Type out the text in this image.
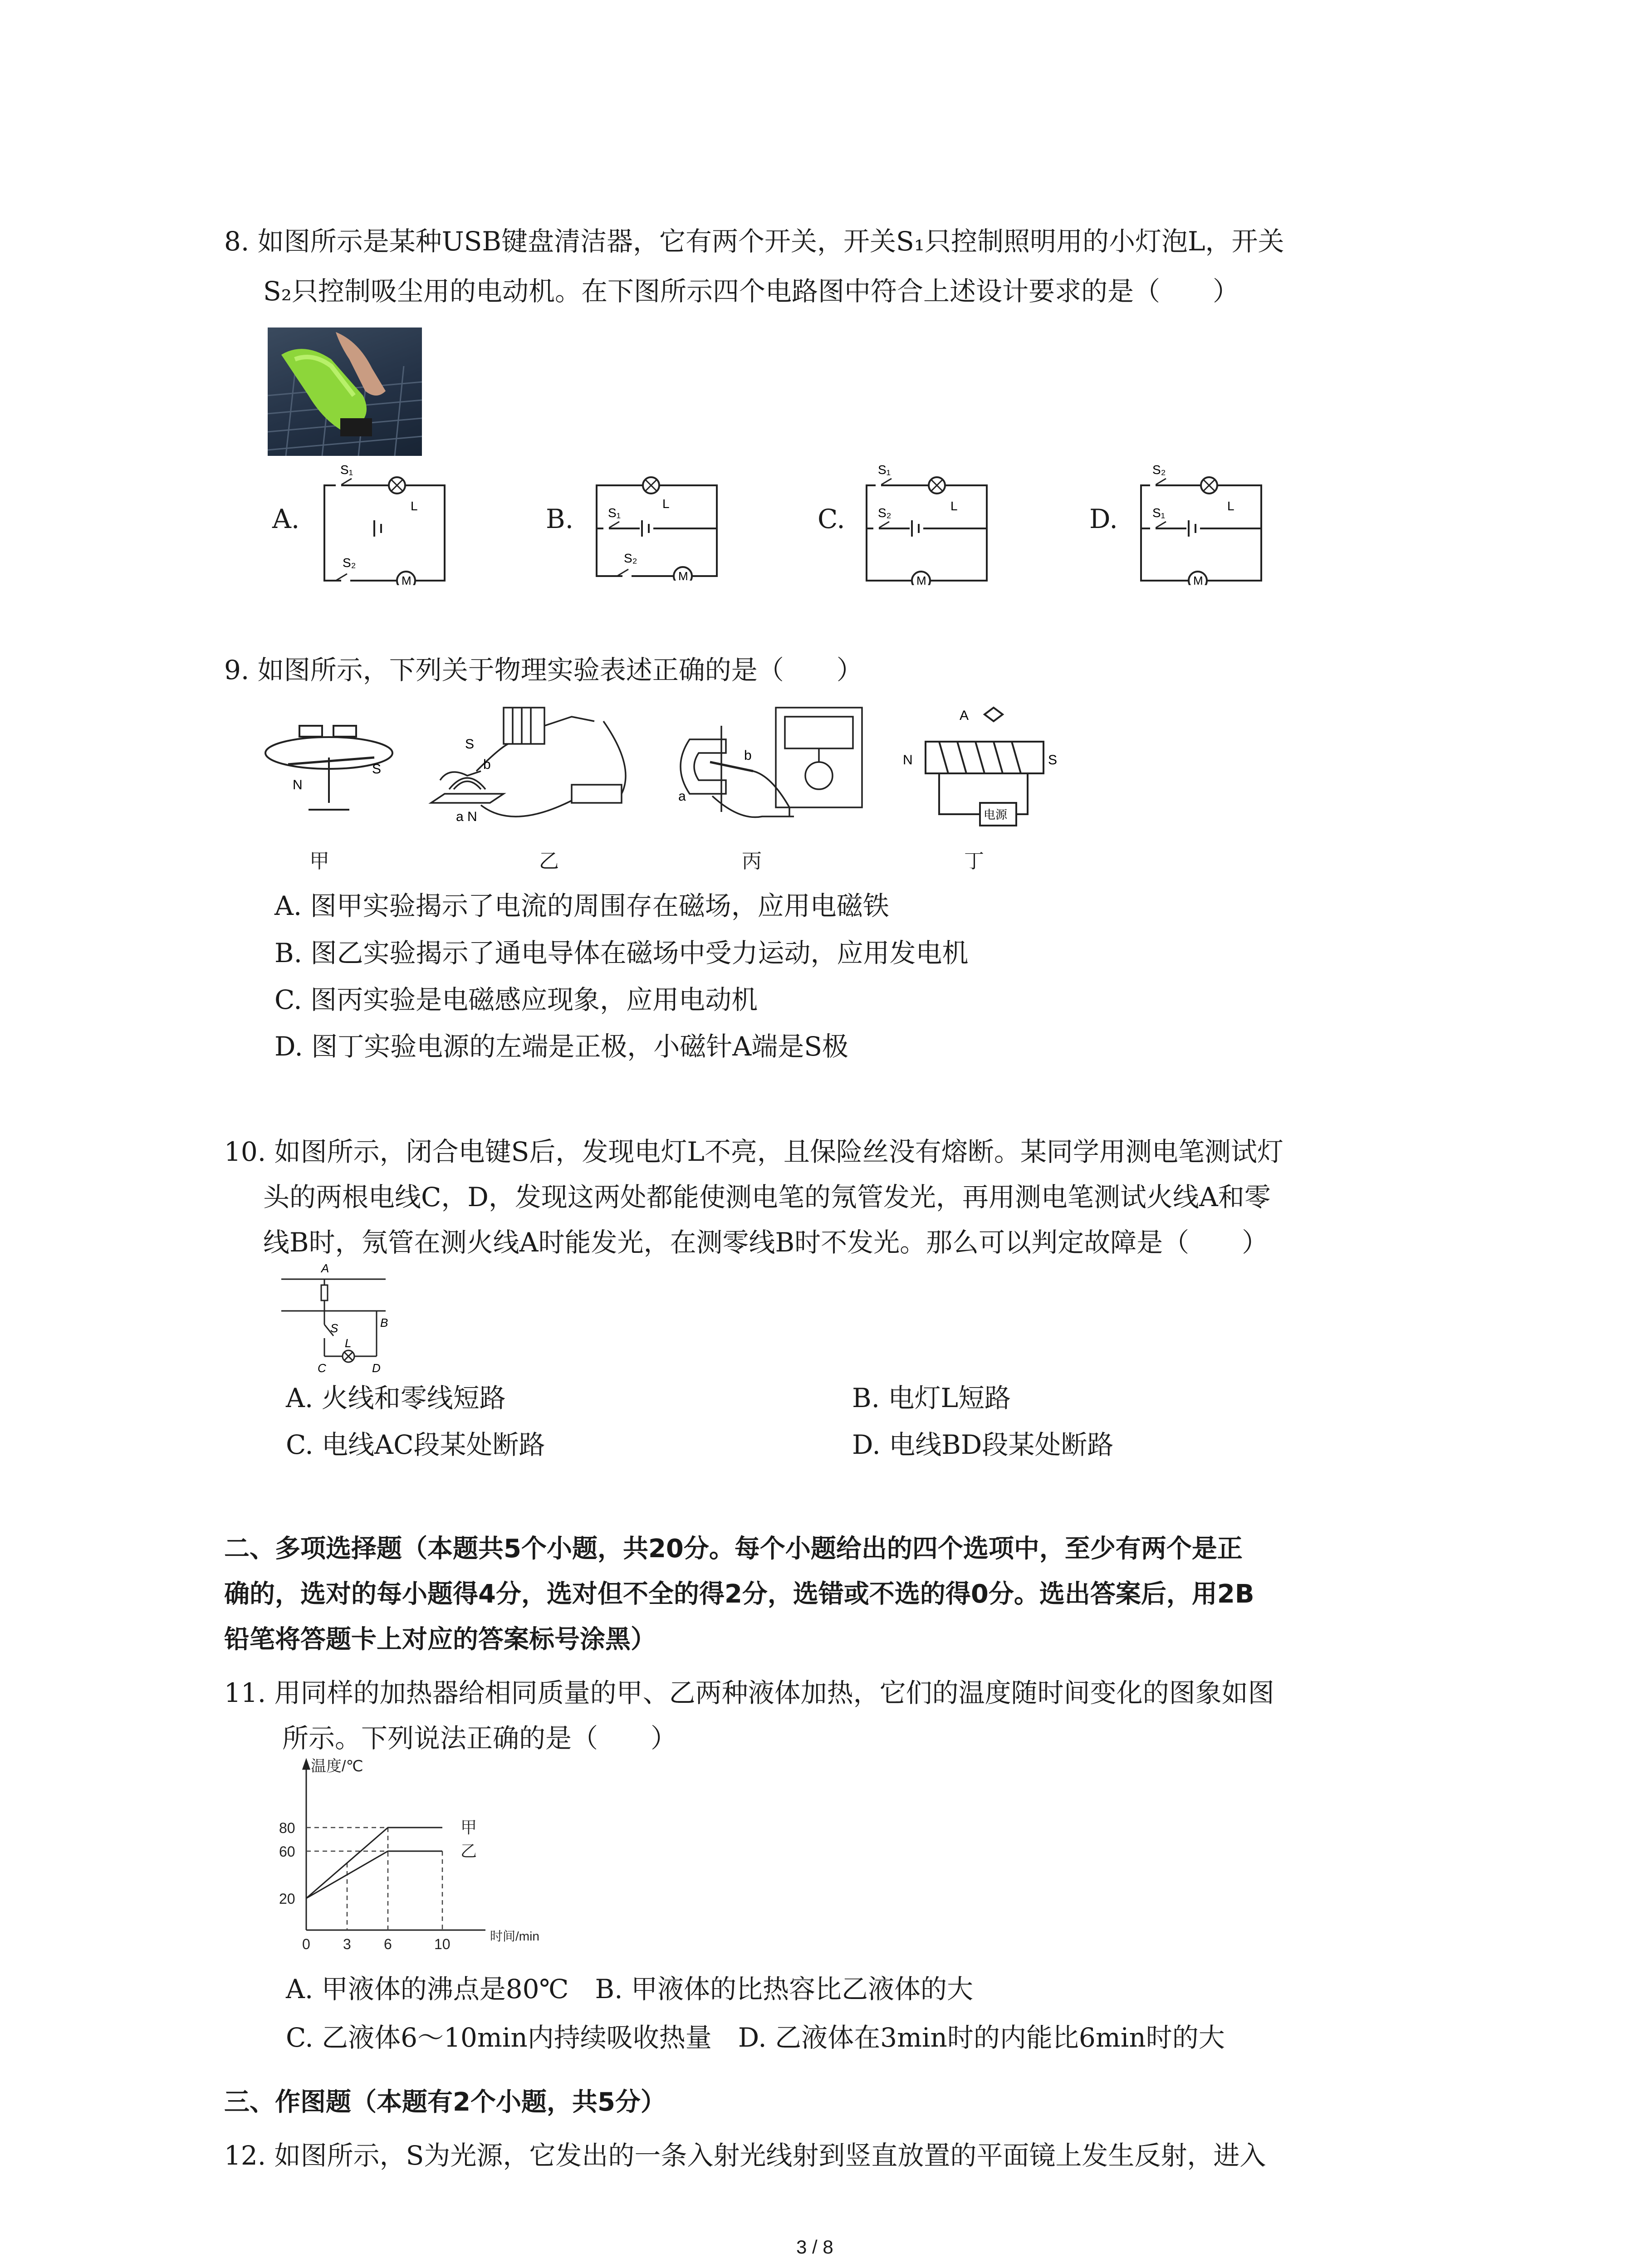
8. 如图所示是某种USB键盘清洁器，它有两个开关，开关S₁只控制照明用的小灯泡L，开关
S₂只控制吸尘用的电动机。在下图所示四个电路图中符合上述设计要求的是（　　）
A.	B.	C.	D.
M
S₁
L
S₂
M
S₁
L
S₂
M
S₁
L
S₂
M
S₂
L
S₁
9. 如图所示，下列关于物理实验表述正确的是（　　）
N
S
S
b
a N
b
a
A
N	S
电源
甲	乙	丙	丁
A. 图甲实验揭示了电流的周围存在磁场，应用电磁铁
B. 图乙实验揭示了通电导体在磁场中受力运动，应用发电机
C. 图丙实验是电磁感应现象，应用电动机
D. 图丁实验电源的左端是正极，小磁针A端是S极
10. 如图所示，闭合电键S后，发现电灯L不亮，且保险丝没有熔断。某同学用测电笔测试灯
头的两根电线C，D，发现这两处都能使测电笔的氖管发光，再用测电笔测试火线A和零
线B时，氖管在测火线A时能发光，在测零线B时不发光。那么可以判定故障是（　　）
A
S	B
L
C	D
A. 火线和零线短路	B. 电灯L短路
C. 电线AC段某处断路	D. 电线BD段某处断路
二、多项选择题（本题共5个小题，共20分。每个小题给出的四个选项中，至少有两个是正
确的，选对的每小题得4分，选对但不全的得2分，选错或不选的得0分。选出答案后，用2B
铅笔将答题卡上对应的答案标号涂黑）
11. 用同样的加热器给相同质量的甲、乙两种液体加热，它们的温度随时间变化的图象如图
所示。下列说法正确的是（　　）
温度/℃
时间/min
甲
乙
20
60
80
0 3 6	10
A. 甲液体的沸点是80℃　B. 甲液体的比热容比乙液体的大
C. 乙液体6～10min内持续吸收热量　D. 乙液体在3min时的内能比6min时的大
三、作图题（本题有2个小题，共5分）
12. 如图所示，S为光源，它发出的一条入射光线射到竖直放置的平面镜上发生反射，进入
3 / 8
